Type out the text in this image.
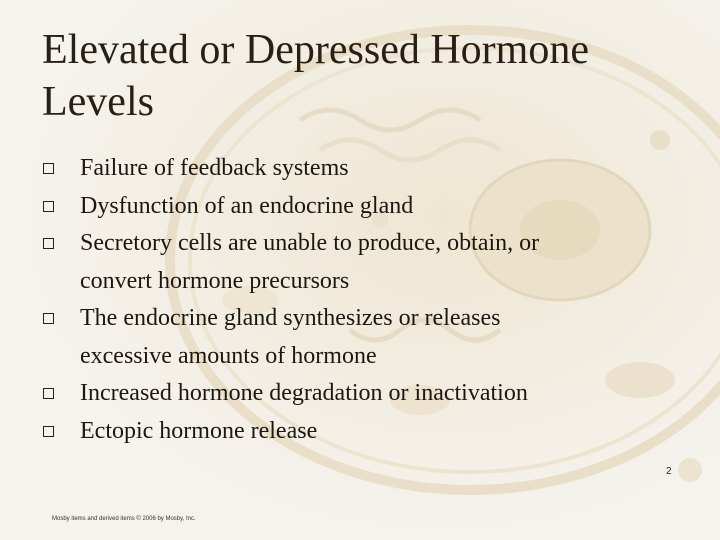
Elevated or Depressed Hormone Levels
Failure of feedback systems
Dysfunction of an endocrine gland
Secretory cells are unable to produce, obtain, or
convert hormone precursors
The endocrine gland synthesizes or releases
excessive amounts of hormone
Increased hormone degradation or inactivation
Ectopic hormone release
2
Mosby items and derived items © 2006 by Mosby, Inc.
